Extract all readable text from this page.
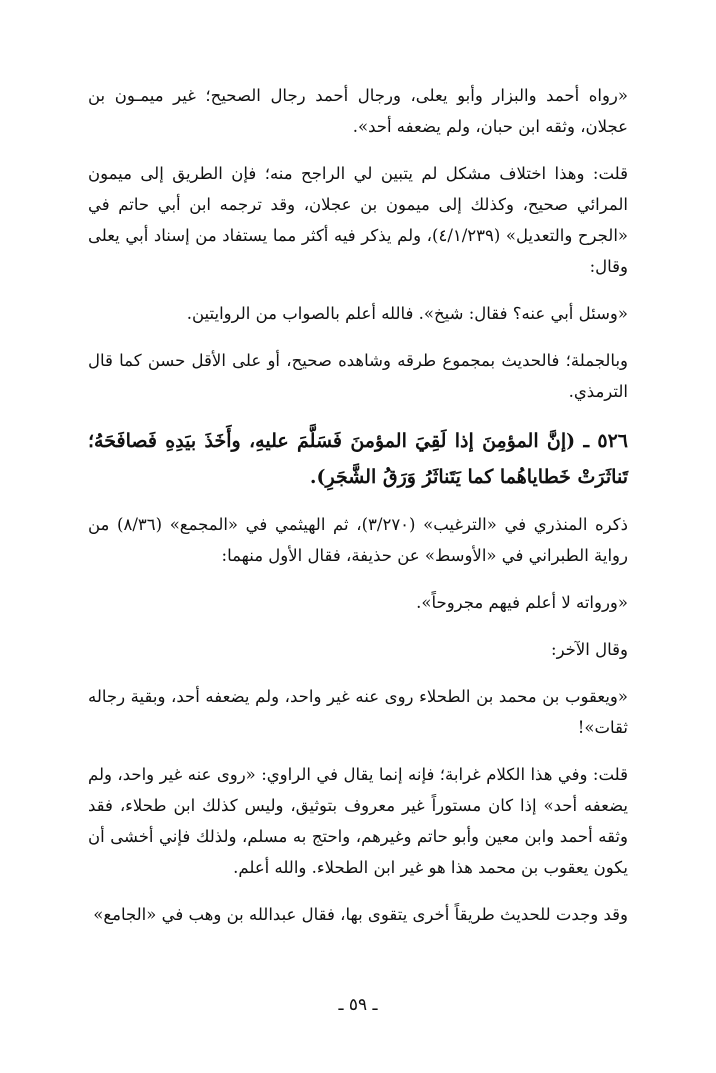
«رواه أحمد والبزار وأبو يعلى، ورجال أحمد رجال الصحيح؛ غير ميمـون بن عجلان، وثقه ابن حبان، ولم يضعفه أحد».

قلت: وهذا اختلاف مشكل لم يتبين لي الراجح منه؛ فإن الطريق إلى ميمون المرائي صحيح، وكذلك إلى ميمون بن عجلان، وقد ترجمه ابن أبي حاتم في «الجرح والتعديل» (٤/١/٢٣٩)، ولم يذكر فيه أكثر مما يستفاد من إسناد أبي يعلى وقال:

«وسئل أبي عنه؟ فقال: شيخ». فالله أعلم بالصواب من الروايتين.

وبالجملة؛ فالحديث بمجموع طرقه وشاهده صحيح، أو على الأقل حسن كما قال الترمذي.

٥٢٦ ـ (إنَّ المؤمِنَ إذا لَقِيَ المؤمنَ فَسَلَّمَ عليهِ، وأَخَذَ بيَدِهِ فَصافَحَهُ؛ تَناثَرَتْ خَطاياهُما كما يَتَناثَرُ وَرَقُ الشَّجَرِ).

ذكره المنذري في «الترغيب» (٣/٢٧٠)، ثم الهيثمي في «المجمع» (٨/٣٦) من رواية الطبراني في «الأوسط» عن حذيفة، فقال الأول منهما:

«ورواته لا أعلم فيهم مجروحاً».

وقال الآخر:

«ويعقوب بن محمد بن الطحلاء روى عنه غير واحد، ولم يضعفه أحد، وبقية رجاله ثقات»!

قلت: وفي هذا الكلام غرابة؛ فإنه إنما يقال في الراوي: «روى عنه غير واحد، ولم يضعفه أحد» إذا كان مستوراً غير معروف بتوثيق، وليس كذلك ابن طحلاء، فقد وثقه أحمد وابن معين وأبو حاتم وغيرهم، واحتج به مسلم، ولذلك فإني أخشى أن يكون يعقوب بن محمد هذا هو غير ابن الطحلاء. والله أعلم.

وقد وجدت للحديث طريقاً أخرى يتقوى بها، فقال عبدالله بن وهب في «الجامع»

ـ ٥٩ ـ
